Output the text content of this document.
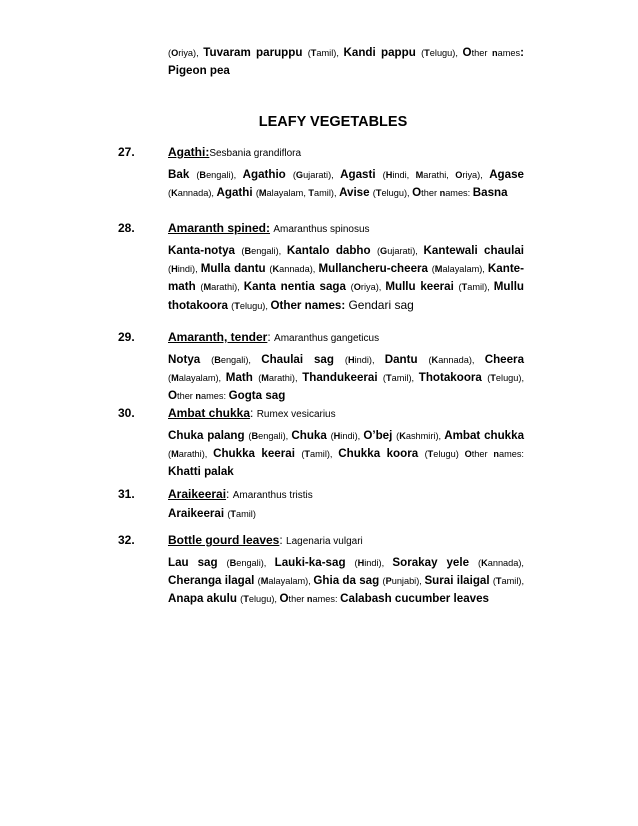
(Oriya), Tuvaram paruppu (Tamil), Kandi pappu (Telugu), Other names: Pigeon pea
LEAFY VEGETABLES
27.	Agathi:Sesbania grandiflora
Bak (Bengali), Agathio (Gujarati), Agasti (Hindi, Marathi, Oriya), Agase (Kannada), Agathi (Malayalam, Tamil), Avise (Telugu), Other names: Basna
28.	Amaranth spined: Amaranthus spinosus
Kanta-notya (Bengali), Kantalo dabho (Gujarati), Kantewali chaulai (Hindi), Mulla dantu (Kannada), Mullancheru-cheera (Malayalam), Kante-math (Marathi), Kanta nentia saga (Oriya), Mullu keerai (Tamil), Mullu thotakoora (Telugu), Other names: Gendari sag
29.	Amaranth, tender: Amaranthus gangeticus
Notya (Bengali), Chaulai sag (Hindi), Dantu (Kannada), Cheera (Malayalam), Math (Marathi), Thandukeerai (Tamil), Thotakoora (Telugu), Other names: Gogta sag
30.	Ambat chukka: Rumex vesicarius
Chuka palang (Bengali), Chuka (Hindi), O’bej (Kashmiri), Ambat chukka (Marathi), Chukka keerai (Tamil), Chukka koora (Telugu) Other names: Khatti palak
31.	Araikeerai: Amaranthus tristis
Araikeerai (Tamil)
32.	Bottle gourd leaves: Lagenaria vulgari
Lau sag (Bengali), Lauki-ka-sag (Hindi), Sorakay yele (Kannada), Cheranga ilagal (Malayalam), Ghia da sag (Punjabi), Surai ilaigal (Tamil), Anapa akulu (Telugu), Other names: Calabash cucumber leaves
